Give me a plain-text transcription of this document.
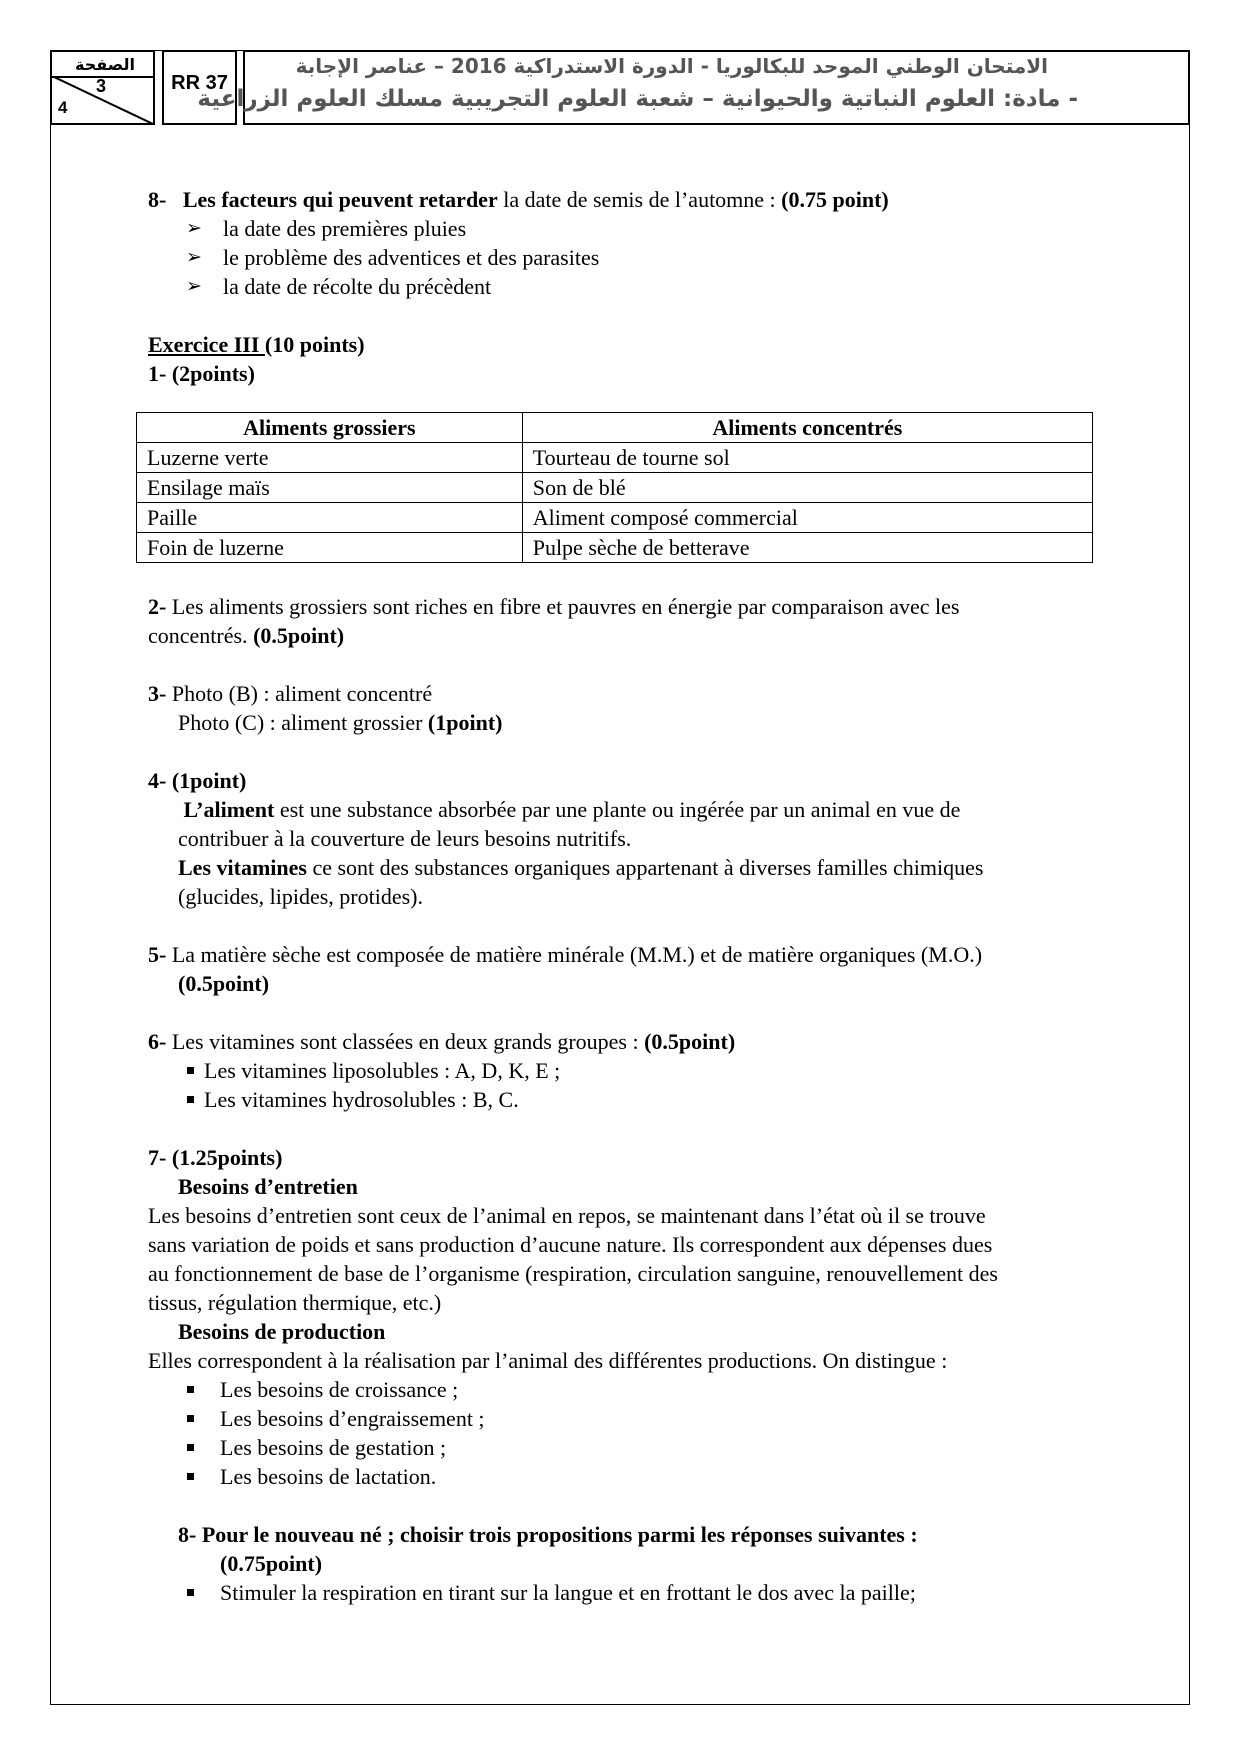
الصفحة
3
4
RR 37
الامتحان الوطني الموحد للبكالوريا - الدورة الاستدراكية 2016 – عناصر الإجابة
- مادة: العلوم النباتية والحيوانية – شعبة العلوم التجريبية مسلك العلوم الزراعية

8- Les facteurs qui peuvent retarder la date de semis de l’automne : (0.75 point)

➢ la date des premières pluies
➢ le problème des adventices et des parasites
➢ la date de récolte du précèdent

Exercice III (10 points)

1- (2points)

Aliments grossiers	Aliments concentrés
Luzerne verte	Tourteau de tourne sol
Ensilage maïs	Son de blé
Paille	Aliment composé commercial
Foin de luzerne	Pulpe sèche de betterave

2- Les aliments grossiers sont riches en fibre et pauvres en énergie par comparaison avec les

concentrés. (0.5point)

3- Photo (B) : aliment concentré

Photo (C) : aliment grossier (1point)

4- (1point)

L’aliment est une substance absorbée par une plante ou ingérée par un animal en vue de

contribuer à la couverture de leurs besoins nutritifs.

Les vitamines ce sont des substances organiques appartenant à diverses familles chimiques

(glucides, lipides, protides).

5- La matière sèche est composée de matière minérale (M.M.) et de matière organiques (M.O.)

(0.5point)

6- Les vitamines sont classées en deux grands groupes : (0.5point)

Les vitamines liposolubles : A, D, K, E ;
Les vitamines hydrosolubles : B, C.

7- (1.25points)

Besoins d’entretien

Les besoins d’entretien sont ceux de l’animal en repos, se maintenant dans l’état où il se trouve

sans variation de poids et sans production d’aucune nature. Ils correspondent aux dépenses dues

au fonctionnement de base de l’organisme (respiration, circulation sanguine, renouvellement des

tissus, régulation thermique, etc.)

Besoins de production

Elles correspondent à la réalisation par l’animal des différentes productions. On distingue :

Les besoins de croissance ;
Les besoins d’engraissement ;
Les besoins de gestation ;
Les besoins de lactation.

8- Pour le nouveau né ; choisir trois propositions parmi les réponses suivantes :

(0.75point)

Stimuler la respiration en tirant sur la langue et en frottant le dos avec la paille;
